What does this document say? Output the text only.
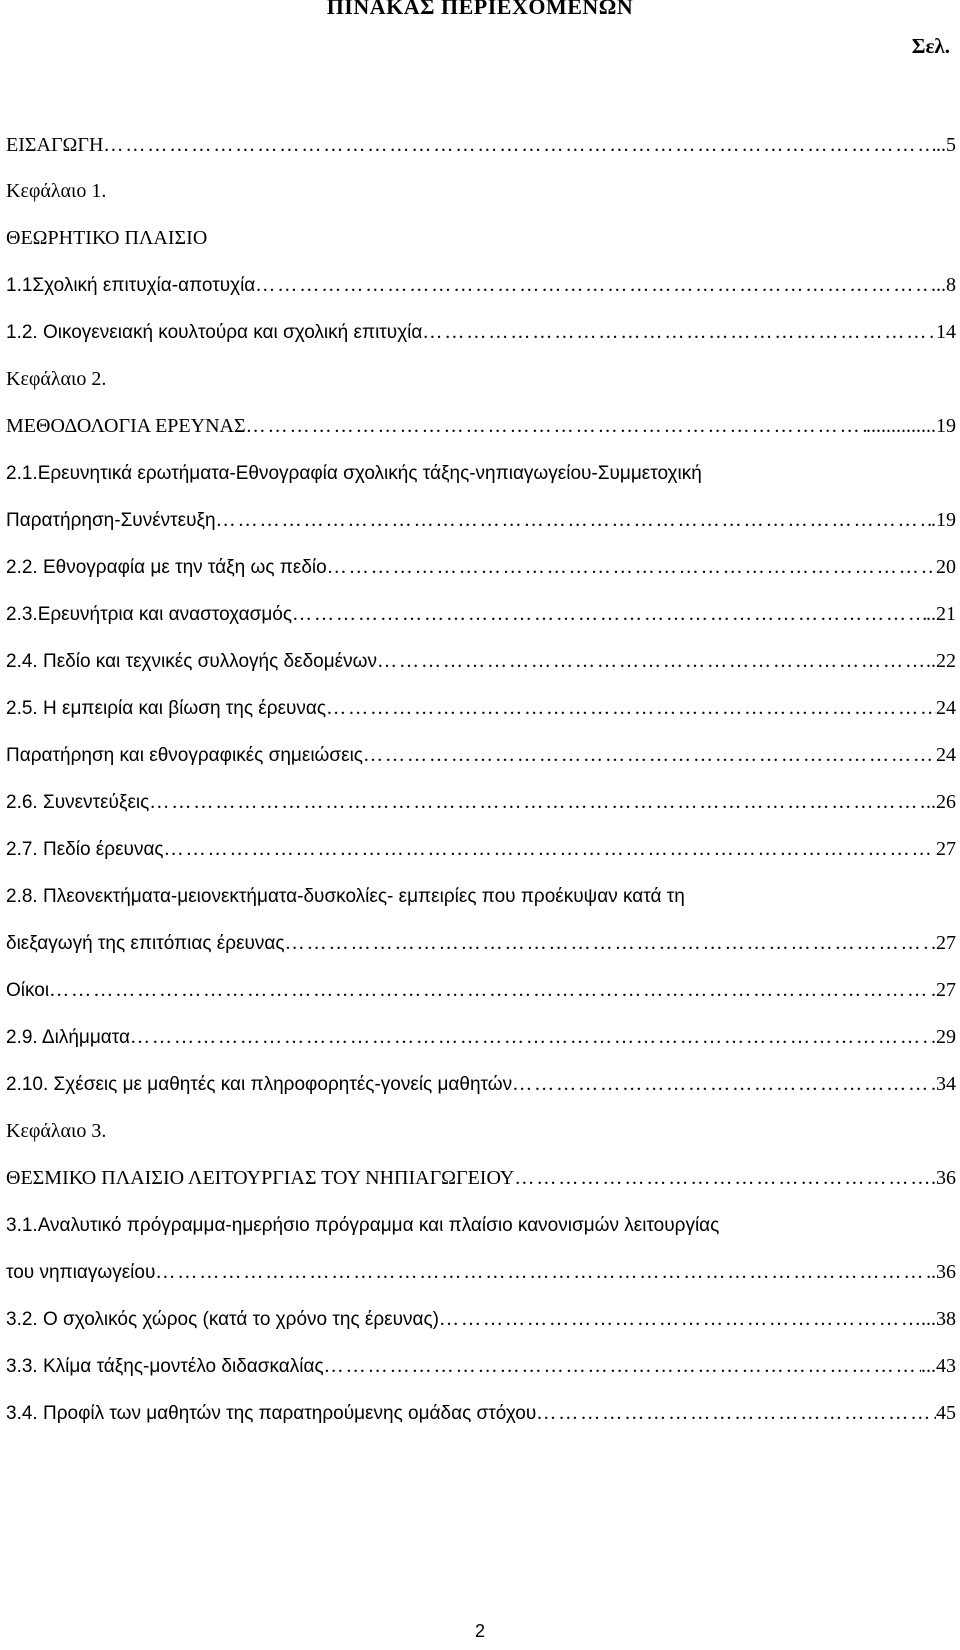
ΠΙΝΑΚΑΣ ΠΕΡΙΕΧΟΜΕΝΩΝ
Σελ.
ΕΙΣΑΓΩΓΗ …………………………………………………………………………………………………………………………………………………………………………	..5
Κεφάλαιο 1.
ΘΕΩΡΗΤΙΚΟ ΠΛΑΙΣΙΟ
1.1Σχολική επιτυχία-αποτυχία …………………………………………………………………………………………………………………………………………………………………………	...8
1.2. Οικογενειακή κουλτούρα και σχολική επιτυχία …………………………………………………………………………………………………………………………………………………………………………	14
Κεφάλαιο 2.
ΜΕΘΟΔΟΛΟΓΙΑ ΕΡΕΥΝΑΣ …………………………………………………………………………………………………………………………………………………………………………	..............19
2.1.Ερευνητικά ερωτήματα-Εθνογραφία σχολικής τάξης-νηπιαγωγείου-Συμμετοχική
Παρατήρηση-Συνέντευξη …………………………………………………………………………………………………………………………………………………………………………	.19
2.2. Εθνογραφία με την τάξη ως πεδίο …………………………………………………………………………………………………………………………………………………………………………	20
2.3.Ερευνήτρια και αναστοχασμός …………………………………………………………………………………………………………………………………………………………………………	..21
2.4. Πεδίο και τεχνικές συλλογής δεδομένων …………………………………………………………………………………………………………………………………………………………………………	..22
2.5. Η εμπειρία και βίωση της έρευνας …………………………………………………………………………………………………………………………………………………………………………	24
Παρατήρηση και εθνογραφικές σημειώσεις …………………………………………………………………………………………………………………………………………………………………………	24
2.6. Συνεντεύξεις …………………………………………………………………………………………………………………………………………………………………………	..26
2.7. Πεδίο έρευνας …………………………………………………………………………………………………………………………………………………………………………	27
2.8. Πλεονεκτήματα-μειονεκτήματα-δυσκολίες- εμπειρίες που προέκυψαν κατά τη
διεξαγωγή της επιτόπιας έρευνας …………………………………………………………………………………………………………………………………………………………………………	.27
Οίκοι …………………………………………………………………………………………………………………………………………………………………………	.27
2.9. Διλήμματα …………………………………………………………………………………………………………………………………………………………………………	.29
2.10. Σχέσεις με μαθητές και πληροφορητές-γονείς μαθητών …………………………………………………………………………………………………………………………………………………………………………	.34
Κεφάλαιο 3.
ΘΕΣΜΙΚΟ ΠΛΑΙΣΙΟ ΛΕΙΤΟΥΡΓΙΑΣ ΤΟΥ ΝΗΠΙΑΓΩΓΕΙΟΥ …………………………………………………………………………………………………………………………………………………………………………	.36
3.1.Αναλυτικό πρόγραμμα-ημερήσιο πρόγραμμα και πλαίσιο κανονισμών λειτουργίας
του νηπιαγωγείου …………………………………………………………………………………………………………………………………………………………………………	.36
3.2. Ο σχολικός χώρος (κατά το χρόνο της έρευνας) …………………………………………………………………………………………………………………………………………………………………………	...38
3.3. Κλίμα τάξης-μοντέλο διδασκαλίας …………………………………………………………………………………………………………………………………………………………………………	...43
3.4. Προφίλ των μαθητών της παρατηρούμενης ομάδας στόχου …………………………………………………………………………………………………………………………………………………………………………	45
2
